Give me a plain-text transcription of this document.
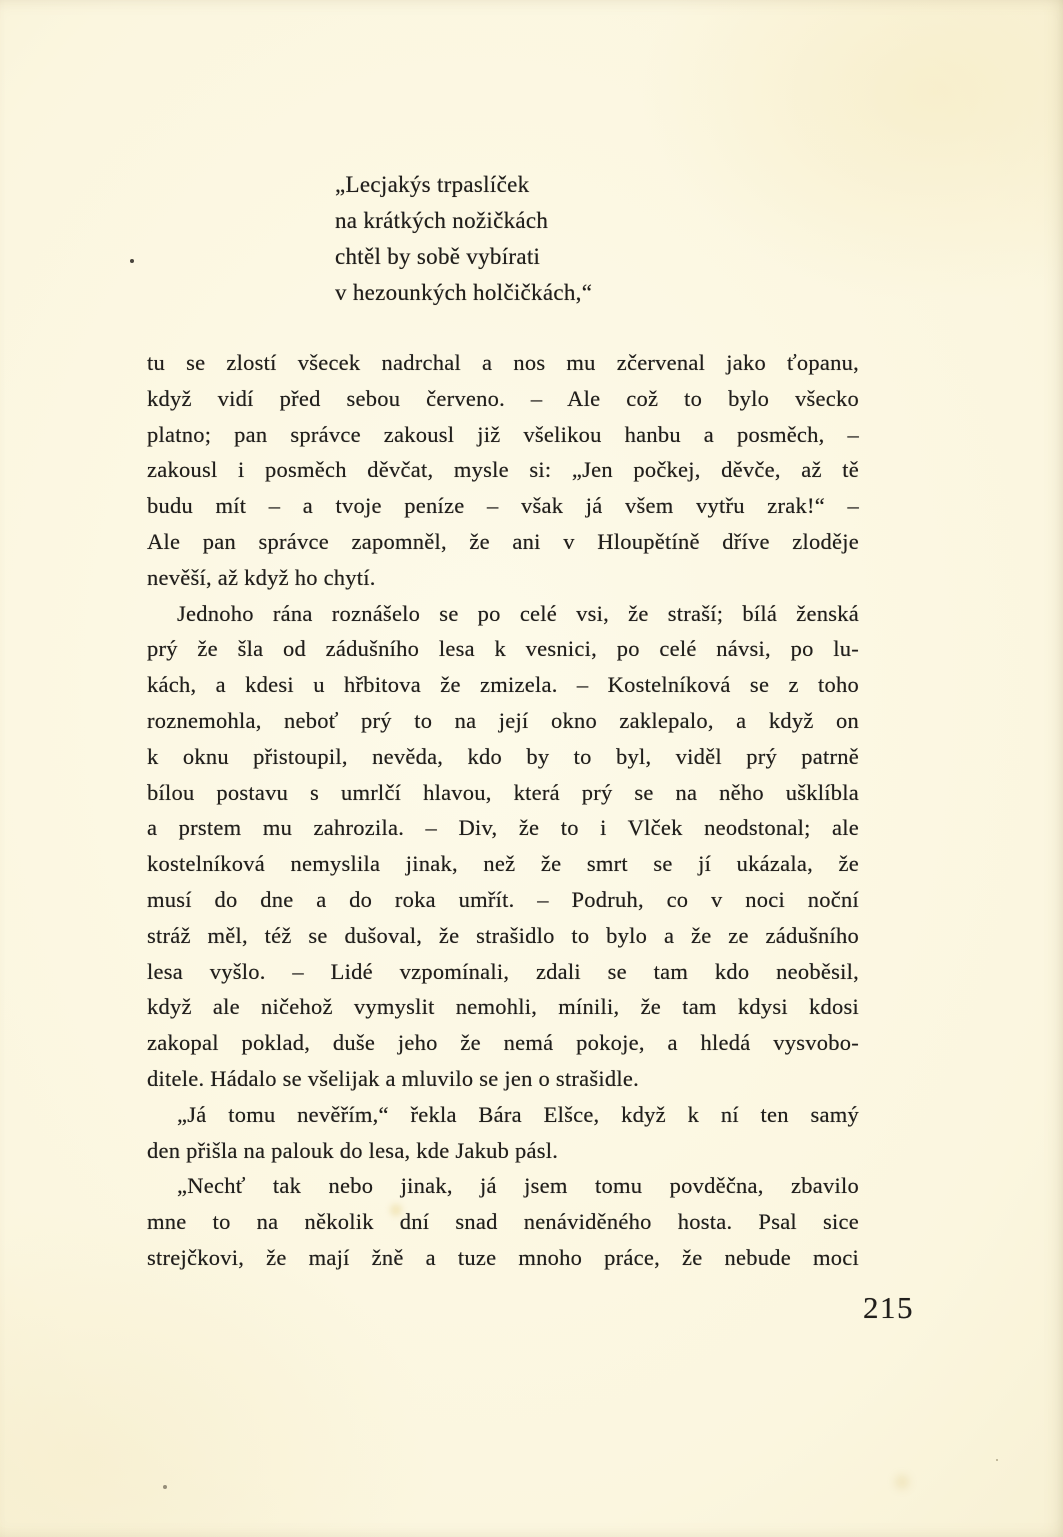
„Lecjakýs trpaslíček
na krátkých nožičkách
chtěl by sobě vybírati
v hezounkých holčičkách,“
tu se zlostí všecek nadrchal a nos mu zčervenal jako ťopanu,
když vidí před sebou červeno. – Ale což to bylo všecko
platno; pan správce zakousl již všelikou hanbu a posměch, –
zakousl i posměch děvčat, mysle si: „Jen počkej, děvče, až tě
budu mít – a tvoje peníze – však já všem vytřu zrak!“ –
Ale pan správce zapomněl, že ani v Hloupětíně dříve zloděje
nevěší, až když ho chytí.
Jednoho rána roznášelo se po celé vsi, že straší; bílá ženská
prý že šla od zádušního lesa k vesnici, po celé návsi, po lu-
kách, a kdesi u hřbitova že zmizela. – Kostelníková se z toho
roznemohla, neboť prý to na její okno zaklepalo, a když on
k oknu přistoupil, nevěda, kdo by to byl, viděl prý patrně
bílou postavu s umrlčí hlavou, která prý se na něho ušklíbla
a prstem mu zahrozila. – Div, že to i Vlček neodstonal; ale
kostelníková nemyslila jinak, než že smrt se jí ukázala, že
musí do dne a do roka umřít. – Podruh, co v noci noční
stráž měl, též se dušoval, že strašidlo to bylo a že ze zádušního
lesa vyšlo. – Lidé vzpomínali, zdali se tam kdo neoběsil,
když ale ničehož vymyslit nemohli, mínili, že tam kdysi kdosi
zakopal poklad, duše jeho že nemá pokoje, a hledá vysvobo-
ditele. Hádalo se všelijak a mluvilo se jen o strašidle.
„Já tomu nevěřím,“ řekla Bára Elšce, když k ní ten samý
den přišla na palouk do lesa, kde Jakub pásl.
„Nechť tak nebo jinak, já jsem tomu povděčna, zbavilo
mne to na několik dní snad nenáviděného hosta. Psal sice
strejčkovi, že mají žně a tuze mnoho práce, že nebude moci
215
